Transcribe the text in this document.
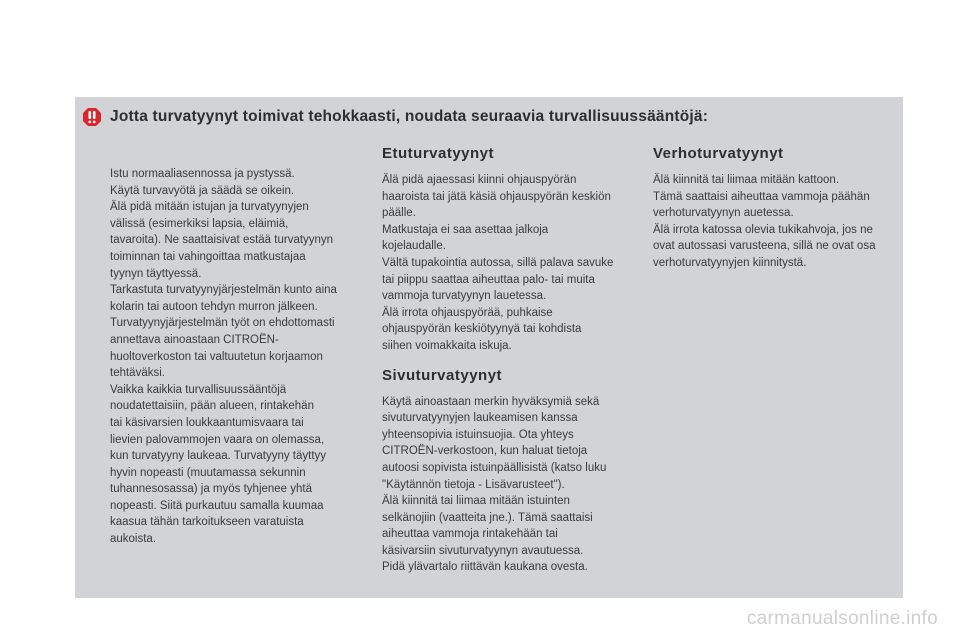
Jotta turvatyynyt toimivat tehokkaasti, noudata seuraavia turvallisuussääntöjä:

Istu normaaliasennossa ja pystyssä.

Käytä turvavyötä ja säädä se oikein.

Älä pidä mitään istujan ja turvatyynyjen

välissä (esimerkiksi lapsia, eläimiä,

tavaroita). Ne saattaisivat estää turvatyynyn

toiminnan tai vahingoittaa matkustajaa

tyynyn täyttyessä.

Tarkastuta turvatyynyjärjestelmän kunto aina

kolarin tai autoon tehdyn murron jälkeen.

Turvatyynyjärjestelmän työt on ehdottomasti

annettava ainoastaan CITROËN-

huoltoverkoston tai valtuutetun korjaamon

tehtäväksi.

Vaikka kaikkia turvallisuussääntöjä

noudatettaisiin, pään alueen, rintakehän

tai käsivarsien loukkaantumisvaara tai

lievien palovammojen vaara on olemassa,

kun turvatyyny laukeaa. Turvatyyny täyttyy

hyvin nopeasti (muutamassa sekunnin

tuhannesosassa) ja myös tyhjenee yhtä

nopeasti. Siitä purkautuu samalla kuumaa

kaasua tähän tarkoitukseen varatuista

aukoista.

Etuturvatyynyt

Älä pidä ajaessasi kiinni ohjauspyörän

haaroista tai jätä käsiä ohjauspyörän keskiön

päälle.

Matkustaja ei saa asettaa jalkoja

kojelaudalle.

Vältä tupakointia autossa, sillä palava savuke

tai piippu saattaa aiheuttaa palo- tai muita

vammoja turvatyynyn lauetessa.

Älä irrota ohjauspyörää, puhkaise

ohjauspyörän keskiötyynyä tai kohdista

siihen voimakkaita iskuja.

Sivuturvatyynyt

Käytä ainoastaan merkin hyväksymiä sekä

sivuturvatyynyjen laukeamisen kanssa

yhteensopivia istuinsuojia. Ota yhteys

CITROËN-verkostoon, kun haluat tietoja

autoosi sopivista istuinpäällisistä (katso luku

"Käytännön tietoja - Lisävarusteet").

Älä kiinnitä tai liimaa mitään istuinten

selkänojiin (vaatteita jne.). Tämä saattaisi

aiheuttaa vammoja rintakehään tai

käsivarsiin sivuturvatyynyn avautuessa.

Pidä ylävartalo riittävän kaukana ovesta.

Verhoturvatyynyt

Älä kiinnitä tai liimaa mitään kattoon.

Tämä saattaisi aiheuttaa vammoja päähän

verhoturvatyynyn auetessa.

Älä irrota katossa olevia tukikahvoja, jos ne

ovat autossasi varusteena, sillä ne ovat osa

verhoturvatyynyjen kiinnitystä.

carmanualsonline.info
